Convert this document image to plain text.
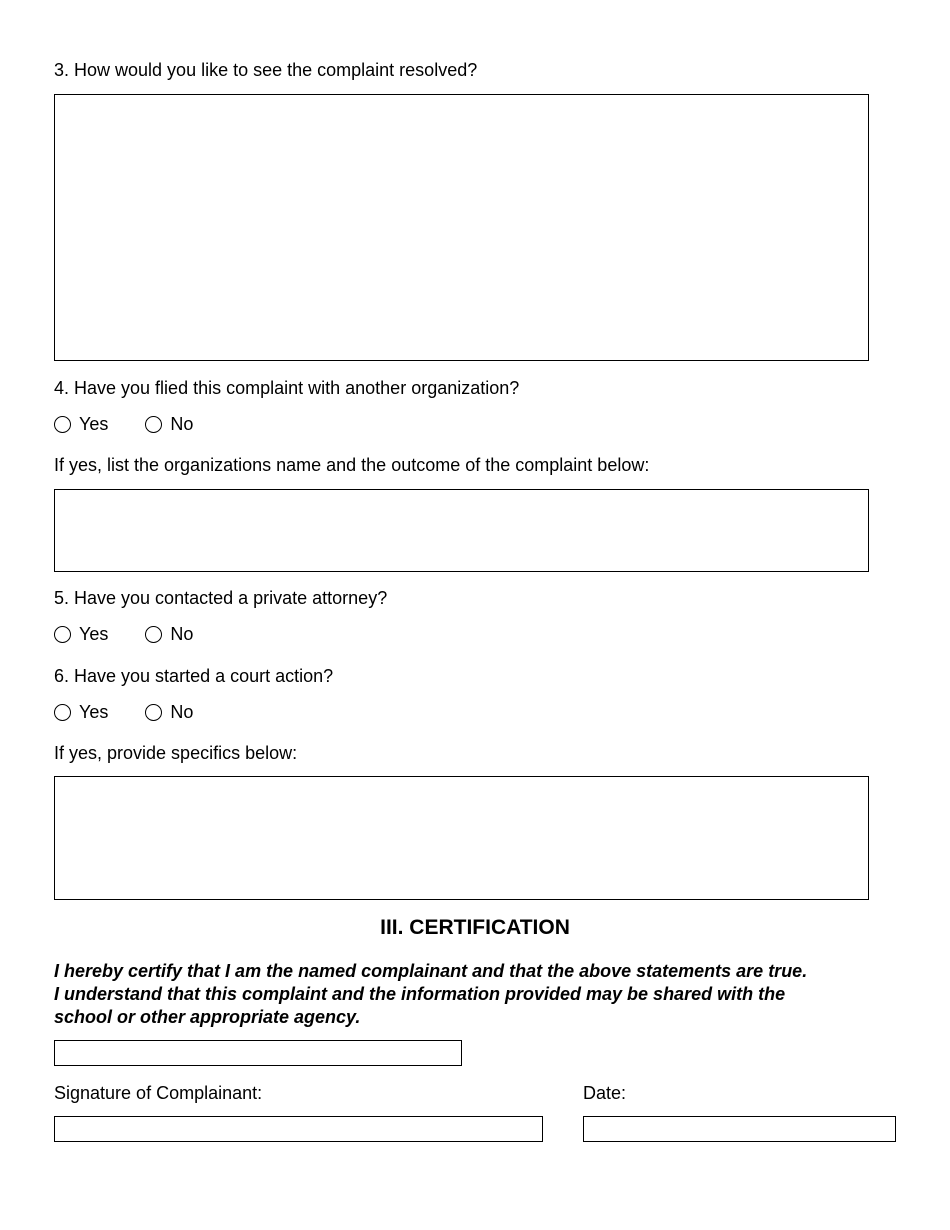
3. How would you like to see the complaint resolved?
4. Have you flied this complaint with another organization?
Yes	No
If yes, list the organizations name and the outcome of the complaint below:
5. Have you contacted a private attorney?
Yes	No
6. Have you started a court action?
Yes	No
If yes, provide specifics below:
III. CERTIFICATION
I hereby certify that I am the named complainant and that the above statements are true.
I understand that this complaint and the information provided may be shared with the
school or other appropriate agency.
Signature of Complainant:	Date:
